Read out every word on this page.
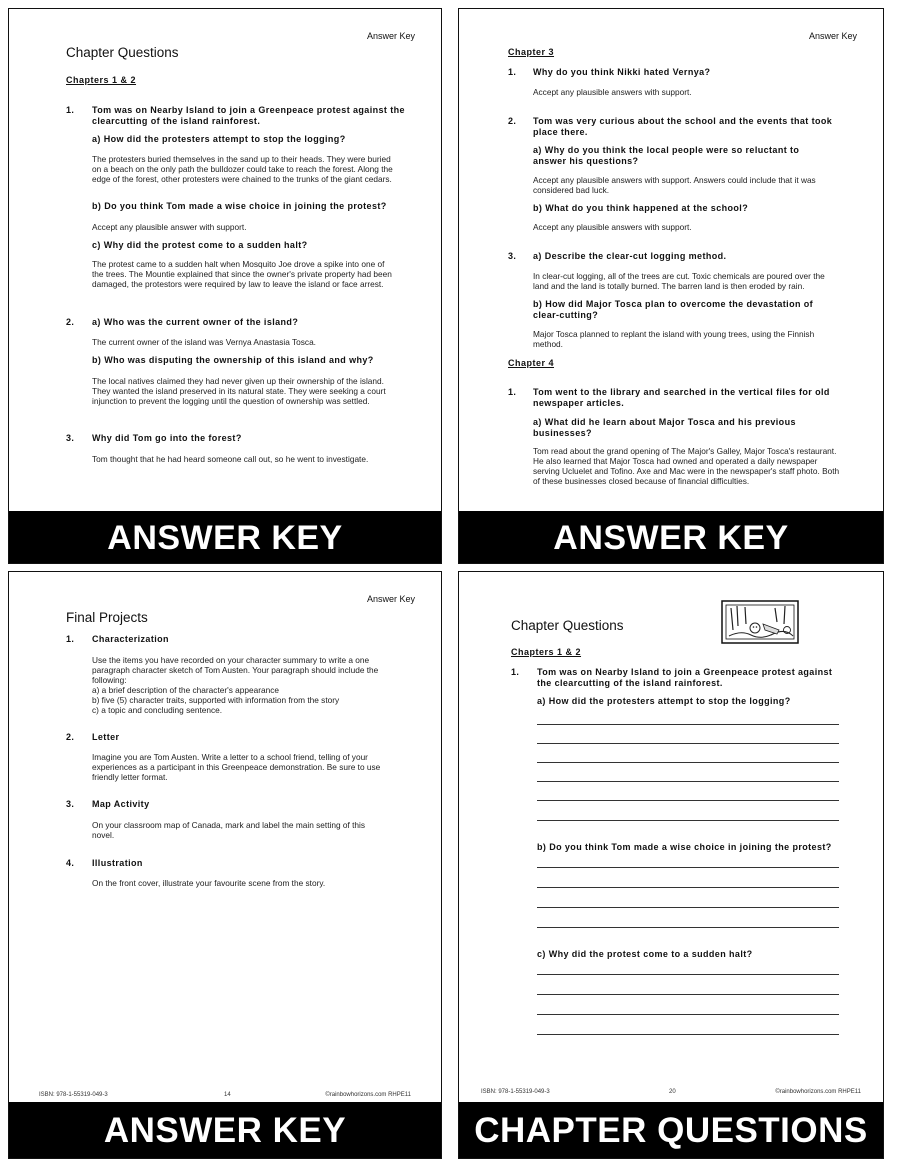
Answer Key
Chapter Questions
Chapters 1 & 2
1. Tom was on Nearby Island to join a Greenpeace protest against the clearcutting of the island rainforest.
a) How did the protesters attempt to stop the logging?
The protesters buried themselves in the sand up to their heads. They were buried on a beach on the only path the bulldozer could take to reach the forest. Along the edge of the forest, other protesters were chained to the trunks of the giant cedars.
b) Do you think Tom made a wise choice in joining the protest?
Accept any plausible answer with support.
c) Why did the protest come to a sudden halt?
The protest came to a sudden halt when Mosquito Joe drove a spike into one of the trees. The Mountie explained that since the owner's private property had been damaged, the protestors were required by law to leave the island or face arrest.
2. a) Who was the current owner of the island?
The current owner of the island was Vernya Anastasia Tosca.
b) Who was disputing the ownership of this island and why?
The local natives claimed they had never given up their ownership of the island. They wanted the island preserved in its natural state. They were seeking a court injunction to prevent the logging until the question of ownership was settled.
3. Why did Tom go into the forest?
Tom thought that he had heard someone call out, so he went to investigate.
ANSWER KEY
Answer Key
Chapter 3
1. Why do you think Nikki hated Vernya?
Accept any plausible answers with support.
2. Tom was very curious about the school and the events that took place there.
a) Why do you think the local people were so reluctant to answer his questions?
Accept any plausible answers with support. Answers could include that it was considered bad luck.
b) What do you think happened at the school?
Accept any plausible answers with support.
3. a) Describe the clear-cut logging method.
In clear-cut logging, all of the trees are cut. Toxic chemicals are poured over the land and the land is totally burned. The barren land is then eroded by rain.
b) How did Major Tosca plan to overcome the devastation of clear-cutting?
Major Tosca planned to replant the island with young trees, using the Finnish method.
Chapter 4
1. Tom went to the library and searched in the vertical files for old newspaper articles.
a) What did he learn about Major Tosca and his previous businesses?
Tom read about the grand opening of The Major's Galley, Major Tosca's restaurant. He also learned that Major Tosca had owned and operated a daily newspaper serving Ucluelet and Tofino. Axe and Mac were in the newspaper's staff photo. Both of these businesses closed because of financial difficulties.
ANSWER KEY
Answer Key
Final Projects
1. Characterization
Use the items you have recorded on your character summary to write a one paragraph character sketch of Tom Austen. Your paragraph should include the following:
a) a brief description of the character's appearance
b) five (5) character traits, supported with information from the story
c) a topic and concluding sentence.
2. Letter
Imagine you are Tom Austen. Write a letter to a school friend, telling of your experiences as a participant in this Greenpeace demonstration. Be sure to use friendly letter format.
3. Map Activity
On your classroom map of Canada, mark and label the main setting of this novel.
4. Illustration
On the front cover, illustrate your favourite scene from the story.
ISBN: 978-1-55319-049-3	14	©rainbowhorizons.com RHPE11
ANSWER KEY
Chapter Questions
Chapters 1 & 2
1. Tom was on Nearby Island to join a Greenpeace protest against the clearcutting of the island rainforest.
a) How did the protesters attempt to stop the logging?
b) Do you think Tom made a wise choice in joining the protest?
c) Why did the protest come to a sudden halt?
ISBN: 978-1-55319-049-3	20	©rainbowhorizons.com RHPE11
CHAPTER QUESTIONS
